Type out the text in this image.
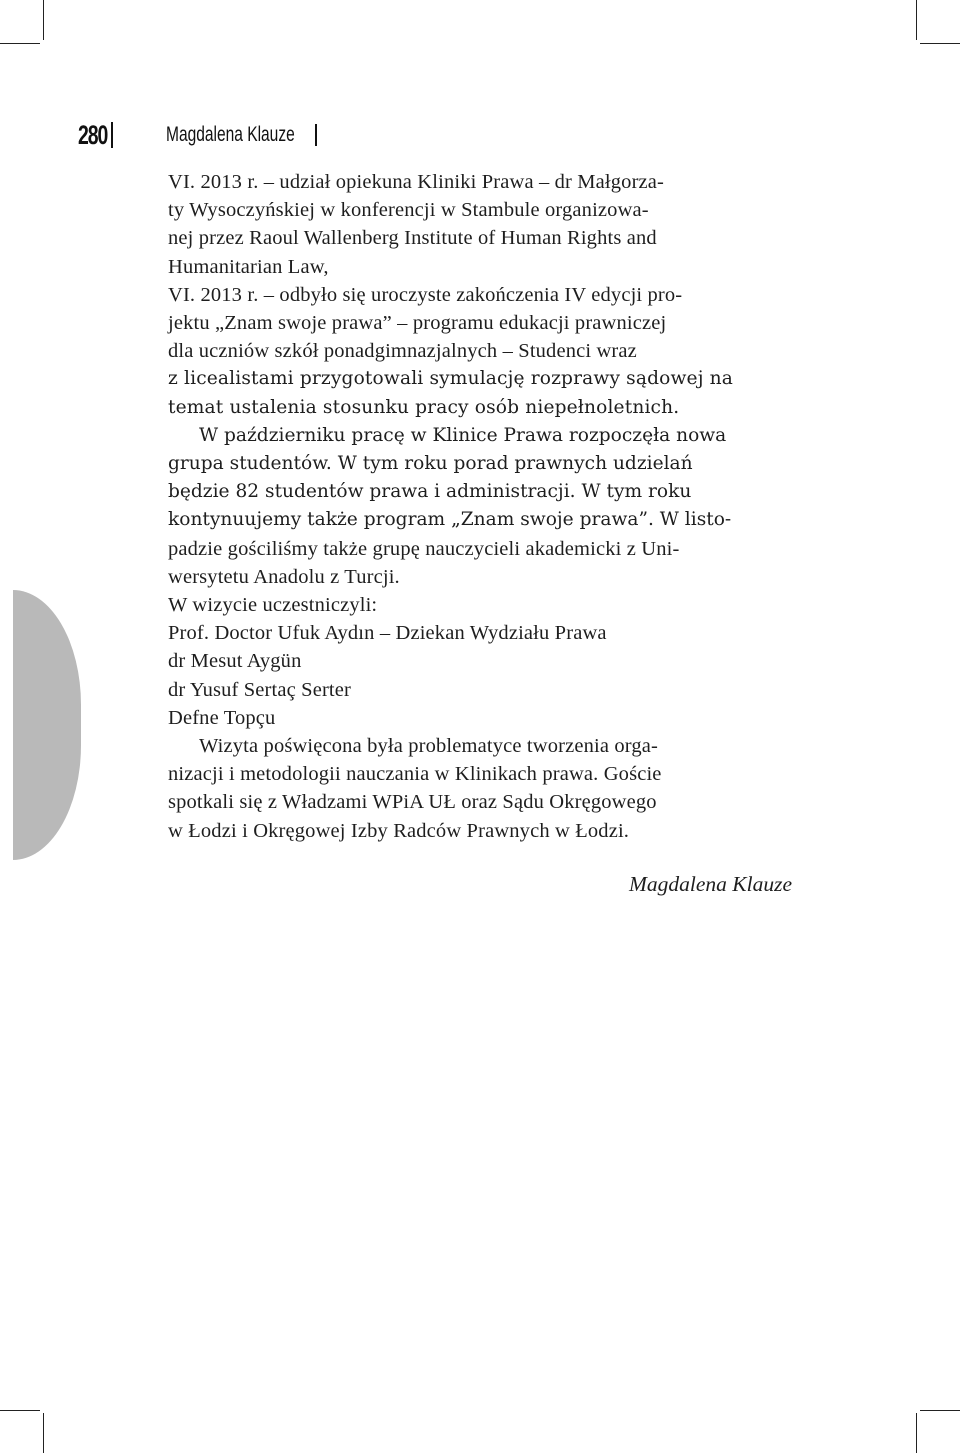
280	Magdalena Klauze

VI. 2013 r. – udział opiekuna Kliniki Prawa – dr Małgorza-
ty Wysoczyńskiej w konferencji w Stambule organizowa-
nej przez Raoul Wallenberg Institute of Human Rights and
Humanitarian Law,

VI. 2013 r. – odbyło się uroczyste zakończenia IV edycji pro-
jektu „Znam swoje prawa” – programu edukacji prawniczej
dla uczniów szkół ponadgimnazjalnych – Studenci wraz
z licealistami przygotowali symulację rozprawy sądowej na
temat ustalenia stosunku pracy osób niepełnoletnich.

W październiku pracę w Klinice Prawa rozpoczęła nowa
grupa studentów. W tym roku porad prawnych udzielań
będzie 82 studentów prawa i administracji. W tym roku
kontynuujemy także program „Znam swoje prawa”. W listo-
padzie gościliśmy także grupę nauczycieli akademicki z Uni-
wersytetu Anadolu z Turcji.

W wizycie uczestniczyli:
Prof. Doctor Ufuk Aydın – Dziekan Wydziału Prawa
dr Mesut Aygün
dr Yusuf Sertaç Serter
Defne Topçu

Wizyta poświęcona była problematyce tworzenia orga-
nizacji i metodologii nauczania w Klinikach prawa. Goście
spotkali się z Władzami WPiA UŁ oraz Sądu Okręgowego
w Łodzi i Okręgowej Izby Radców Prawnych w Łodzi.

Magdalena Klauze
